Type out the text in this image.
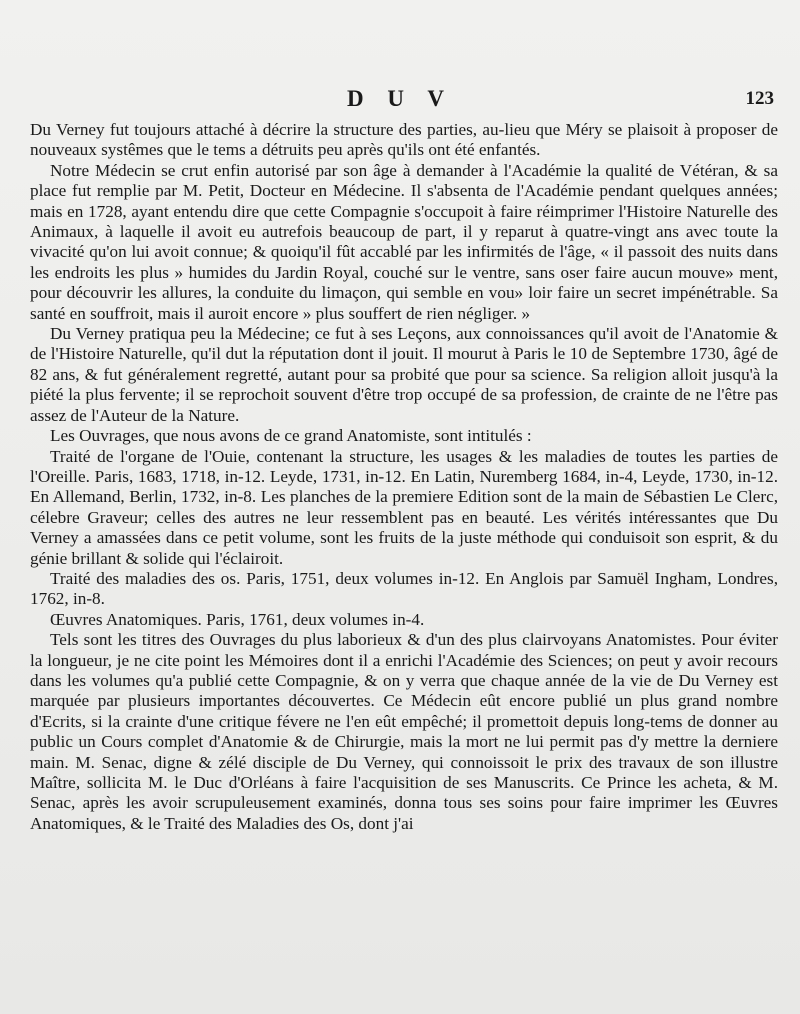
D U V	123

Du Verney fut toujours attaché à décrire la structure des parties, au-lieu que Méry se plaisoit à proposer de nouveaux systêmes que le tems a détruits peu après qu'ils ont été enfantés.

Notre Médecin se crut enfin autorisé par son âge à demander à l'Académie la qualité de Vétéran, & sa place fut remplie par M. Petit, Docteur en Médecine. Il s'absenta de l'Académie pendant quelques années; mais en 1728, ayant entendu dire que cette Compagnie s'occupoit à faire réimprimer l'Histoire Naturelle des Animaux, à laquelle il avoit eu autrefois beaucoup de part, il y reparut à quatre-vingt ans avec toute la vivacité qu'on lui avoit connue; & quoiqu'il fût accablé par les infirmités de l'âge, « il passoit des nuits dans les endroits les plus » humides du Jardin Royal, couché sur le ventre, sans oser faire aucun mouve» ment, pour découvrir les allures, la conduite du limaçon, qui semble en vou» loir faire un secret impénétrable. Sa santé en souffroit, mais il auroit encore » plus souffert de rien négliger. »

Du Verney pratiqua peu la Médecine; ce fut à ses Leçons, aux connoissances qu'il avoit de l'Anatomie & de l'Histoire Naturelle, qu'il dut la réputation dont il jouit. Il mourut à Paris le 10 de Septembre 1730, âgé de 82 ans, & fut généralement regretté, autant pour sa probité que pour sa science. Sa religion alloit jusqu'à la piété la plus fervente; il se reprochoit souvent d'être trop occupé de sa profession, de crainte de ne l'être pas assez de l'Auteur de la Nature.

Les Ouvrages, que nous avons de ce grand Anatomiste, sont intitulés :

Traité de l'organe de l'Ouie, contenant la structure, les usages & les maladies de toutes les parties de l'Oreille. Paris, 1683, 1718, in-12. Leyde, 1731, in-12. En Latin, Nuremberg 1684, in-4, Leyde, 1730, in-12. En Allemand, Berlin, 1732, in-8. Les planches de la premiere Edition sont de la main de Sébastien Le Clerc, célebre Graveur; celles des autres ne leur ressemblent pas en beauté. Les vérités intéressantes que Du Verney a amassées dans ce petit volume, sont les fruits de la juste méthode qui conduisoit son esprit, & du génie brillant & solide qui l'éclairoit.

Traité des maladies des os. Paris, 1751, deux volumes in-12. En Anglois par Samuël Ingham, Londres, 1762, in-8.

Œuvres Anatomiques. Paris, 1761, deux volumes in-4.

Tels sont les titres des Ouvrages du plus laborieux & d'un des plus clairvoyans Anatomistes. Pour éviter la longueur, je ne cite point les Mémoires dont il a enrichi l'Académie des Sciences; on peut y avoir recours dans les volumes qu'a publié cette Compagnie, & on y verra que chaque année de la vie de Du Verney est marquée par plusieurs importantes découvertes. Ce Médecin eût encore publié un plus grand nombre d'Ecrits, si la crainte d'une critique févere ne l'en eût empêché; il promettoit depuis long-tems de donner au public un Cours complet d'Anatomie & de Chirurgie, mais la mort ne lui permit pas d'y mettre la derniere main. M. Senac, digne & zélé disciple de Du Verney, qui connoissoit le prix des travaux de son illustre Maître, sollicita M. le Duc d'Orléans à faire l'acquisition de ses Manuscrits. Ce Prince les acheta, & M. Senac, après les avoir scrupuleusement examinés, donna tous ses soins pour faire imprimer les Œuvres Anatomiques, & le Traité des Maladies des Os, dont j'ai
